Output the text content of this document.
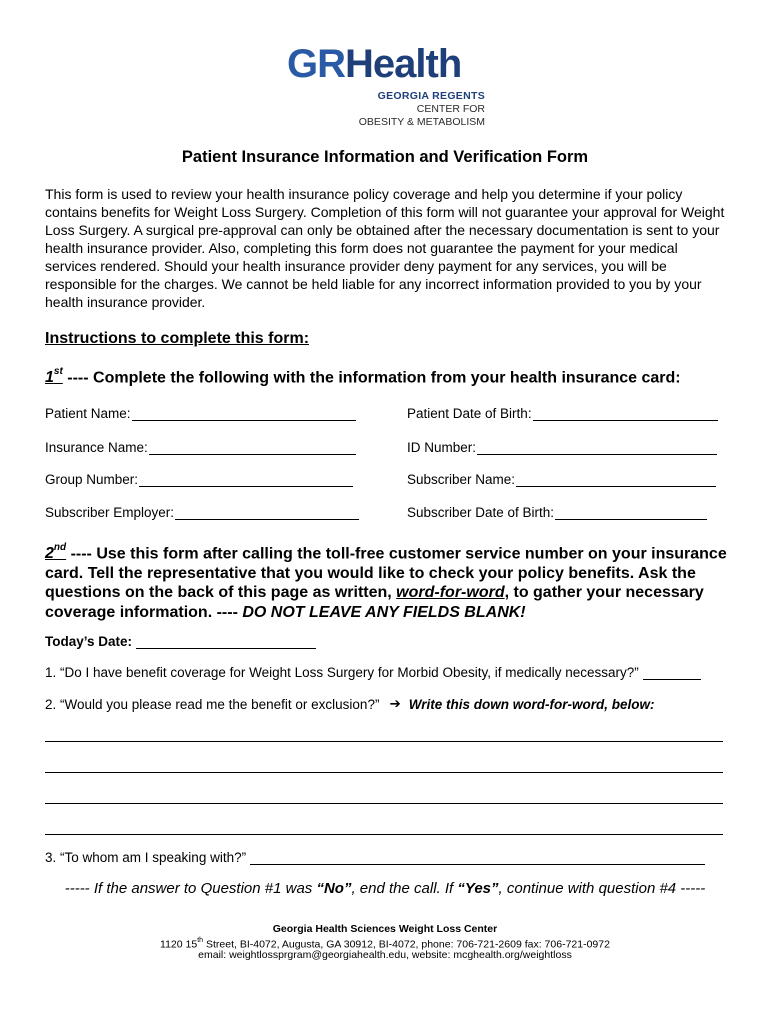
GRHealth
GEORGIA REGENTS
CENTER FOR
OBESITY & METABOLISM
Patient Insurance Information and Verification Form
This form is used to review your health insurance policy coverage and help you determine if your policy contains benefits for Weight Loss Surgery. Completion of this form will not guarantee your approval for Weight Loss Surgery. A surgical pre-approval can only be obtained after the necessary documentation is sent to your health insurance provider. Also, completing this form does not guarantee the payment for your medical services rendered. Should your health insurance provider deny payment for any services, you will be responsible for the charges. We cannot be held liable for any incorrect information provided to you by your health insurance provider.
Instructions to complete this form:
1st ---- Complete the following with the information from your health insurance card:
Patient Name:	Patient Date of Birth:
Insurance Name:	ID Number:
Group Number:	Subscriber Name:
Subscriber Employer:	Subscriber Date of Birth:
2nd ---- Use this form after calling the toll-free customer service number on your insurance card. Tell the representative that you would like to check your policy benefits. Ask the questions on the back of this page as written, word-for-word, to gather your necessary coverage information. ---- DO NOT LEAVE ANY FIELDS BLANK!
Today’s Date:
1. “Do I have benefit coverage for Weight Loss Surgery for Morbid Obesity, if medically necessary?”
2. “Would you please read me the benefit or exclusion?” ➔ Write this down word-for-word, below:
3. “To whom am I speaking with?”
----- If the answer to Question #1 was “No”, end the call. If “Yes”, continue with question #4 -----
Georgia Health Sciences Weight Loss Center
1120 15th Street, BI-4072, Augusta, GA 30912, BI-4072, phone: 706-721-2609 fax: 706-721-0972
email: weightlossprgram@georgiahealth.edu, website: mcghealth.org/weightloss
